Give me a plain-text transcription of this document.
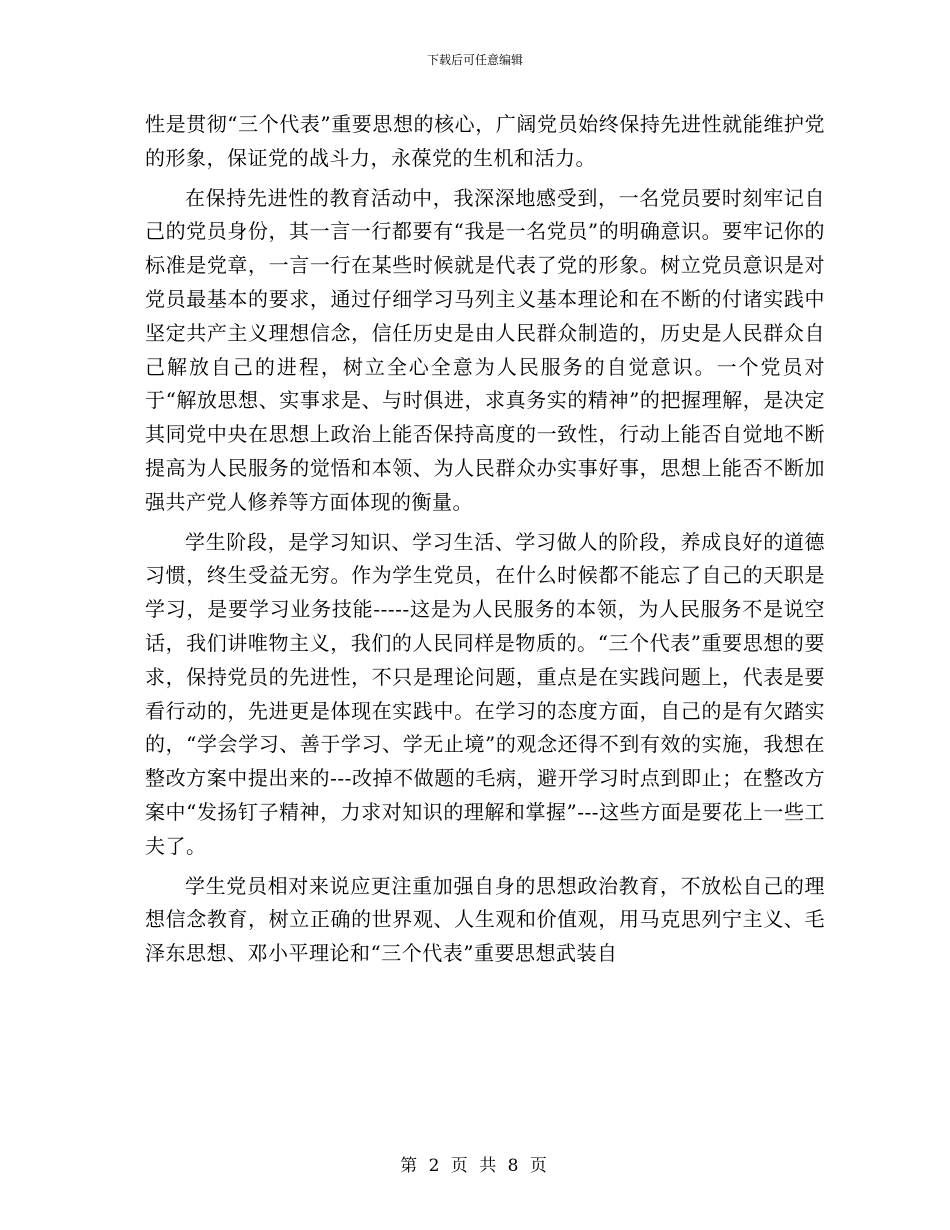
下载后可任意编辑

性是贯彻“三个代表”重要思想的核心，广阔党员始终保持先进性就能维护党的形象，保证党的战斗力，永葆党的生机和活力。

在保持先进性的教育活动中，我深深地感受到，一名党员要时刻牢记自己的党员身份，其一言一行都要有“我是一名党员”的明确意识。要牢记你的标准是党章，一言一行在某些时候就是代表了党的形象。树立党员意识是对党员最基本的要求，通过仔细学习马列主义基本理论和在不断的付诸实践中坚定共产主义理想信念，信任历史是由人民群众制造的，历史是人民群众自己解放自己的进程，树立全心全意为人民服务的自觉意识。一个党员对于“解放思想、实事求是、与时俱进，求真务实的精神”的把握理解，是决定其同党中央在思想上政治上能否保持高度的一致性，行动上能否自觉地不断提高为人民服务的觉悟和本领、为人民群众办实事好事，思想上能否不断加强共产党人修养等方面体现的衡量。

学生阶段，是学习知识、学习生活、学习做人的阶段，养成良好的道德习惯，终生受益无穷。作为学生党员，在什么时候都不能忘了自己的天职是学习，是要学习业务技能-----这是为人民服务的本领，为人民服务不是说空话，我们讲唯物主义，我们的人民同样是物质的。“三个代表”重要思想的要求，保持党员的先进性，不只是理论问题，重点是在实践问题上，代表是要看行动的，先进更是体现在实践中。在学习的态度方面，自己的是有欠踏实的，“学会学习、善于学习、学无止境”的观念还得不到有效的实施，我想在整改方案中提出来的---改掉不做题的毛病，避开学习时点到即止；在整改方案中“发扬钉子精神，力求对知识的理解和掌握”---这些方面是要花上一些工夫了。

学生党员相对来说应更注重加强自身的思想政治教育，不放松自己的理想信念教育，树立正确的世界观、人生观和价值观，用马克思列宁主义、毛泽东思想、邓小平理论和“三个代表”重要思想武装自

第 2 页 共 8 页
